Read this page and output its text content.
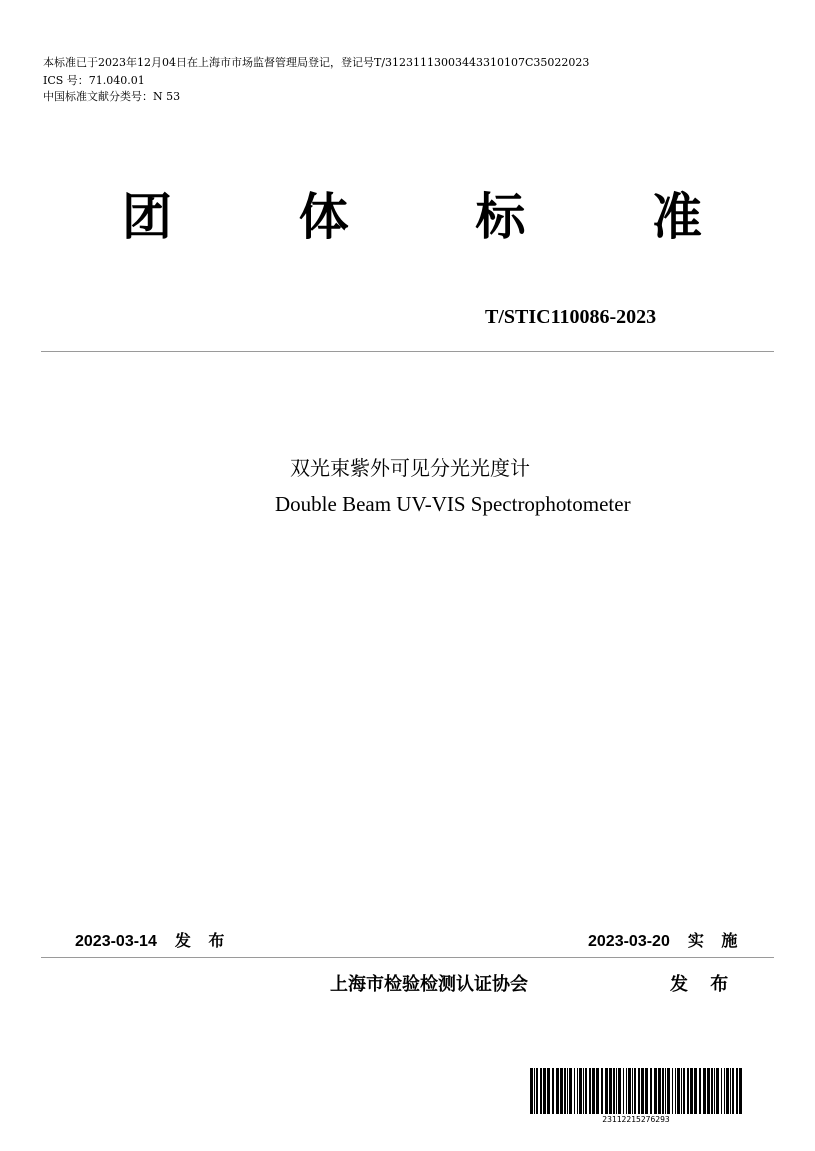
本标准已于2023年12月04日在上海市市场监督管理局登记，登记号T/312311130034433101​07C35022023
ICS 号：71.040.01
中国标准文献分类号：N 53
团	体	标	准
T/STIC110086-2023
双光束紫外可见分光光度计
Double Beam UV-VIS Spectrophotometer
2023-03-14 发 布	2023-03-20 实 施
上海市检验检测认证协会	发 布
23112215276293
